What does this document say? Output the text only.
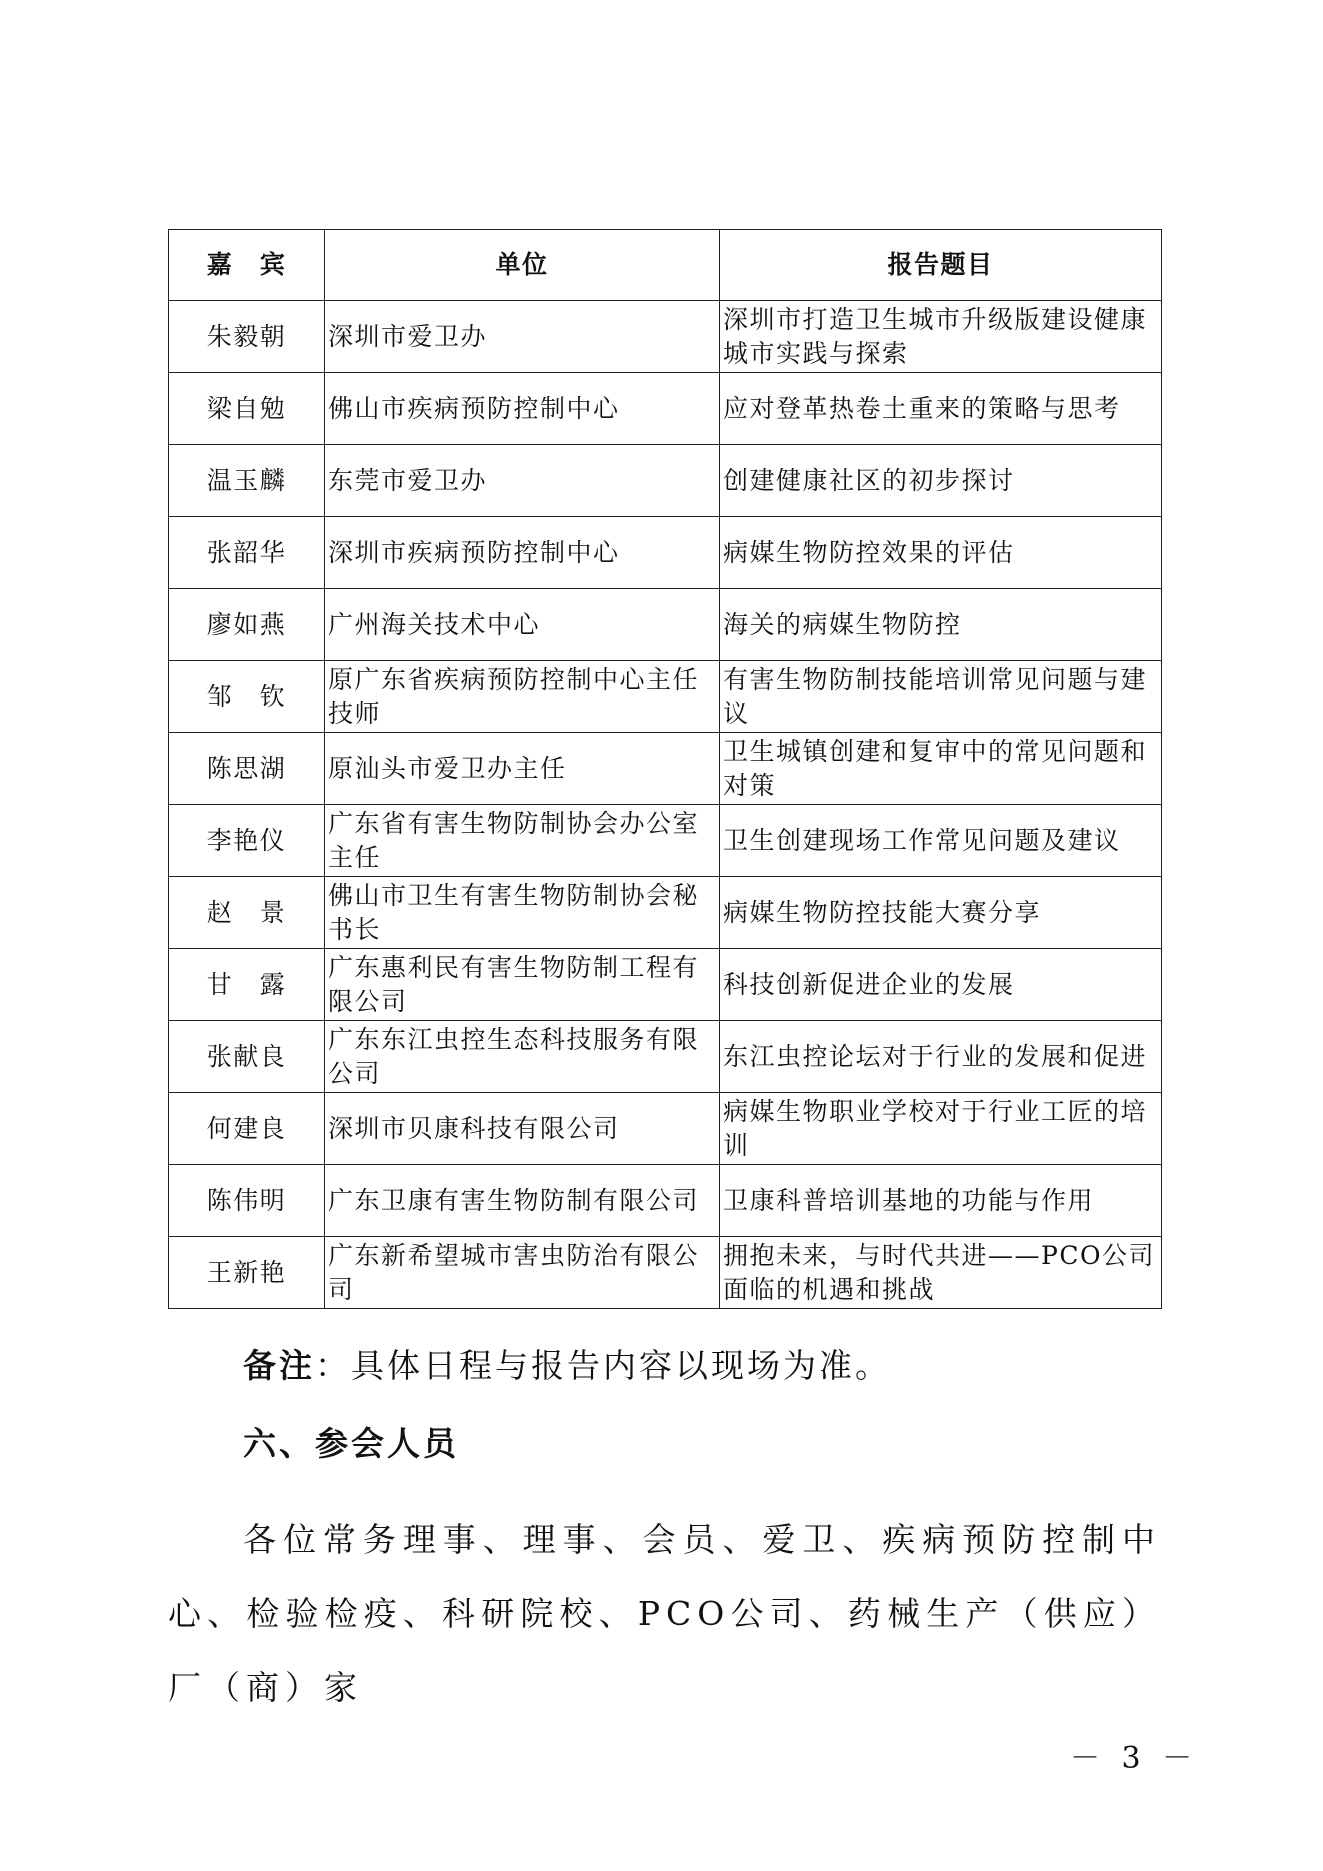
嘉　宾	单位	报告题目
朱毅朝	深圳市爱卫办	深圳市打造卫生城市升级版建设健康城市实践与探索
梁自勉	佛山市疾病预防控制中心	应对登革热卷土重来的策略与思考
温玉麟	东莞市爱卫办	创建健康社区的初步探讨
张韶华	深圳市疾病预防控制中心	病媒生物防控效果的评估
廖如燕	广州海关技术中心	海关的病媒生物防控
邹　钦	原广东省疾病预防控制中心主任技师	有害生物防制技能培训常见问题与建议
陈思湖	原汕头市爱卫办主任	卫生城镇创建和复审中的常见问题和对策
李艳仪	广东省有害生物防制协会办公室主任	卫生创建现场工作常见问题及建议
赵　景	佛山市卫生有害生物防制协会秘书长	病媒生物防控技能大赛分享
甘　露	广东惠利民有害生物防制工程有限公司	科技创新促进企业的发展
张献良	广东东江虫控生态科技服务有限公司	东江虫控论坛对于行业的发展和促进
何建良	深圳市贝康科技有限公司	病媒生物职业学校对于行业工匠的培训
陈伟明	广东卫康有害生物防制有限公司	卫康科普培训基地的功能与作用
王新艳	广东新希望城市害虫防治有限公司	拥抱未来，与时代共进——PCO公司面临的机遇和挑战
备注：具体日程与报告内容以现场为准。
六、参会人员
各位常务理事、理事、会员、爱卫、疾病预防控制中心、检验检疫、科研院校、PCO公司、药械生产（供应）厂（商）家
－ 3 －
